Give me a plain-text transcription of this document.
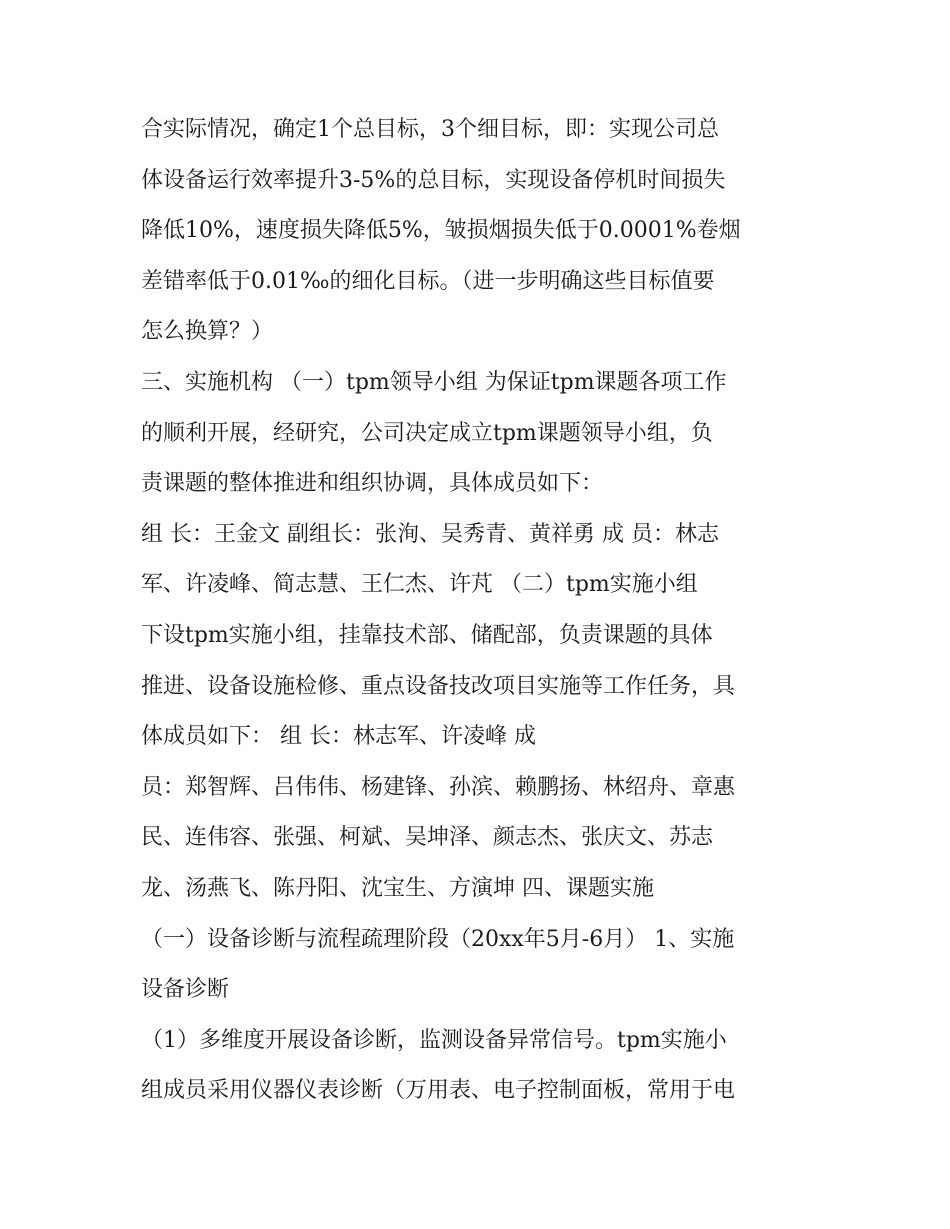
合实际情况，确定1个总目标，3个细目标，即：实现公司总
体设备运行效率提升3-5%的总目标，实现设备停机时间损失
降低10%，速度损失降低5%，皱损烟损失低于0.0001%卷烟
差错率低于0.01‰的细化目标。（进一步明确这些目标值要
怎么换算？）
三、实施机构 （一）tpm领导小组 为保证tpm课题各项工作
的顺利开展，经研究，公司决定成立tpm课题领导小组，负
责课题的整体推进和组织协调，具体成员如下：
组 长：王金文 副组长：张洵、吴秀青、黄祥勇 成 员：林志
军、许凌峰、简志慧、王仁杰、许芃 （二）tpm实施小组
下设tpm实施小组，挂靠技术部、储配部，负责课题的具体
推进、设备设施检修、重点设备技改项目实施等工作任务，具
体成员如下： 组 长：林志军、许凌峰 成
员：郑智辉、吕伟伟、杨建锋、孙滨、赖鹏扬、林绍舟、章惠
民、连伟容、张强、柯斌、吴坤泽、颜志杰、张庆文、苏志
龙、汤燕飞、陈丹阳、沈宝生、方演坤 四、课题实施
（一）设备诊断与流程疏理阶段（20xx年5月-6月） 1、实施
设备诊断
（1）多维度开展设备诊断，监测设备异常信号。tpm实施小
组成员采用仪器仪表诊断（万用表、电子控制面板，常用于电
